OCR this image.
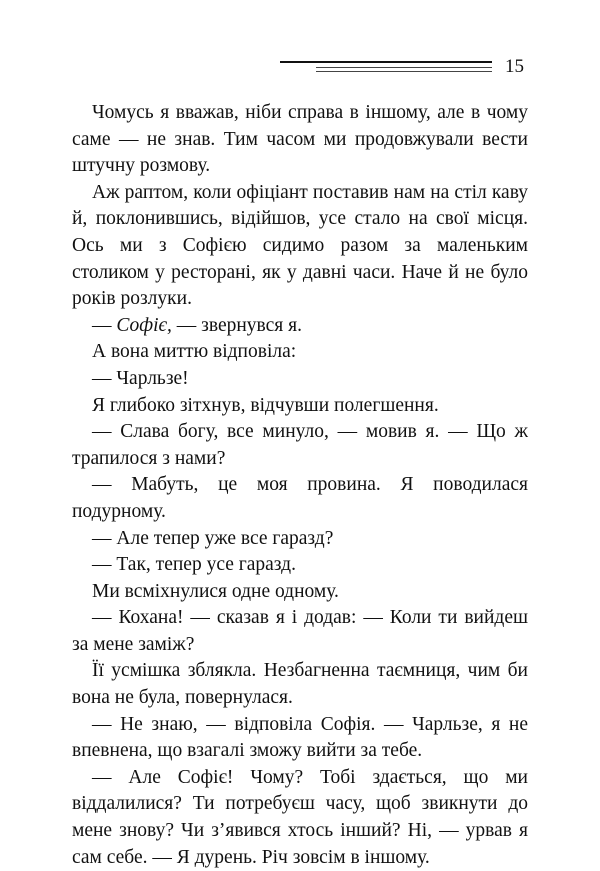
15

Чомусь я вважав, ніби справа в іншому, але в чому саме — не знав. Тим часом ми продовжували вести штучну розмову.

Аж раптом, коли офіціант поставив нам на стіл каву й, поклонившись, відійшов, усе стало на свої місця. Ось ми з Софією сидимо разом за маленьким столиком у ресторані, як у давні часи. Наче й не було років розлуки.

— Софіє, — звернувся я.

А вона миттю відповіла:

— Чарльзе!

Я глибоко зітхнув, відчувши полегшення.

— Слава богу, все минуло, — мовив я. — Що ж трапилося з нами?

— Мабуть, це моя провина. Я поводилася подурному.

— Але тепер уже все гаразд?

— Так, тепер усе гаразд.

Ми всміхнулися одне одному.

— Кохана! — сказав я і додав: — Коли ти вийдеш за мене заміж?

Її усмішка зблякла. Незбагненна таємниця, чим би вона не була, повернулася.

— Не знаю, — відповіла Софія. — Чарльзе, я не впевнена, що взагалі зможу вийти за тебе.

— Але Софіє! Чому? Тобі здається, що ми віддалилися? Ти потребуєш часу, щоб звикнути до мене знову? Чи з’явився хтось інший? Ні, — урвав я сам себе. — Я дурень. Річ зовсім в іншому.
